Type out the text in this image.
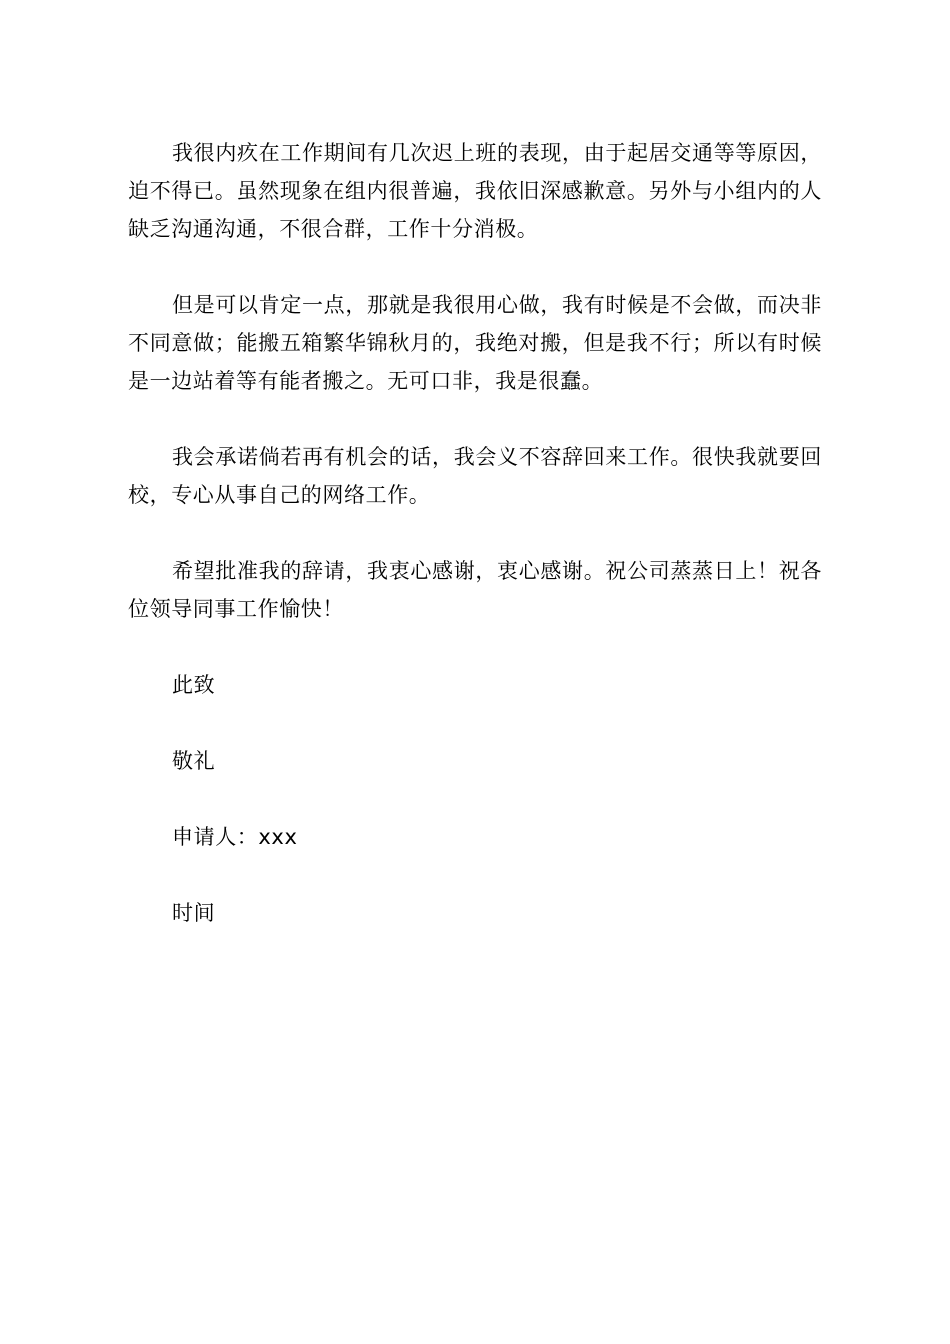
我很内疚在工作期间有几次迟上班的表现，由于起居交通等等原因，迫不得已。虽然现象在组内很普遍，我依旧深感歉意。另外与小组内的人缺乏沟通沟通，不很合群，工作十分消极。

但是可以肯定一点，那就是我很用心做，我有时候是不会做，而决非不同意做；能搬五箱繁华锦秋月的，我绝对搬，但是我不行；所以有时候是一边站着等有能者搬之。无可口非，我是很蠢。

我会承诺倘若再有机会的话，我会义不容辞回来工作。很快我就要回校，专心从事自己的网络工作。

希望批准我的辞请，我衷心感谢，衷心感谢。祝公司蒸蒸日上！祝各位领导同事工作愉快！

此致

敬礼

申请人：xxx

时间
